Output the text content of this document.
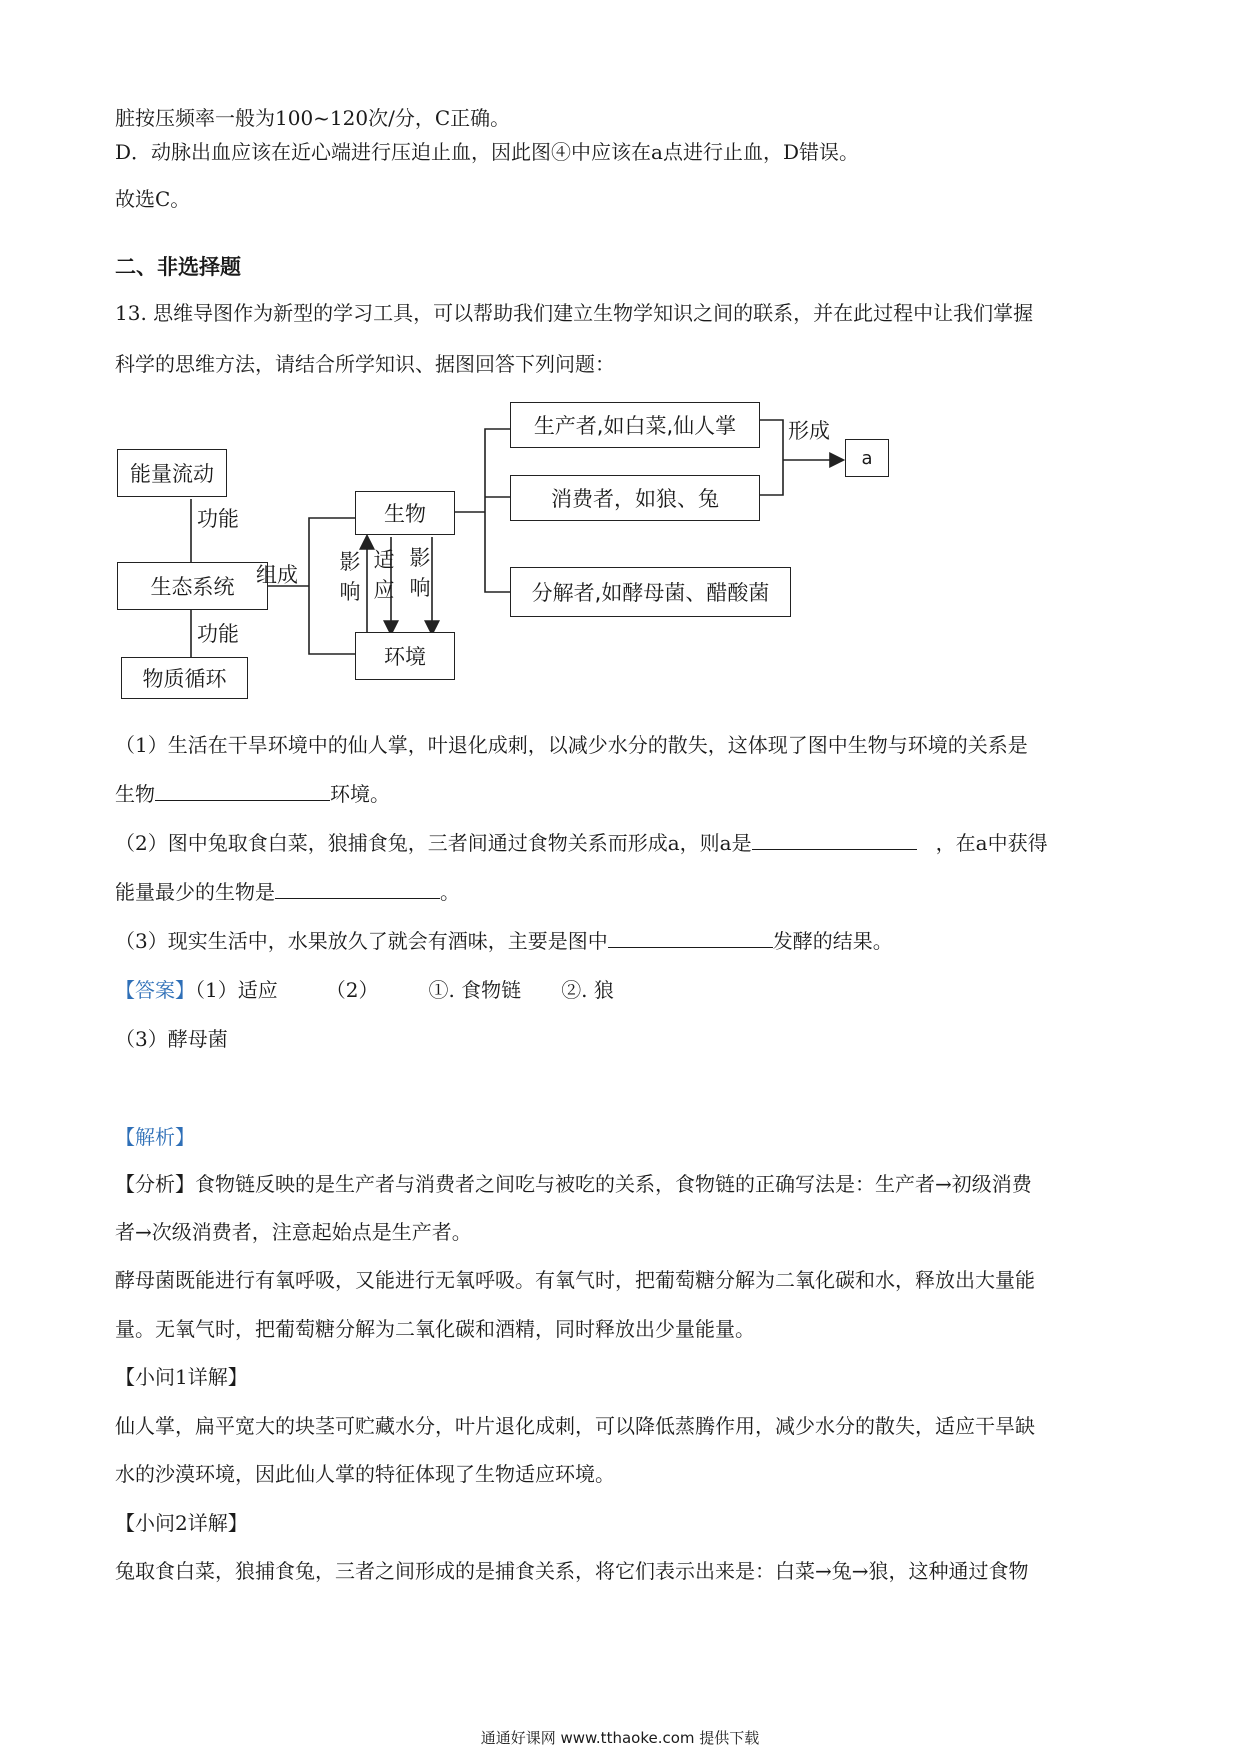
脏按压频率一般为100~120次/分，C正确。
D．动脉出血应该在近心端进行压迫止血，因此图④中应该在a点进行止血，D错误。
故选C。
二、非选择题
13. 思维导图作为新型的学习工具，可以帮助我们建立生物学知识之间的联系，并在此过程中让我们掌握
科学的思维方法，请结合所学知识、据图回答下列问题：
能量流动
功能
生态系统
功能
物质循环
组成
生物
环境
影响
适应
影响
生产者,如白菜,仙人掌
消费者，如狼、兔
分解者,如酵母菌、醋酸菌
形成
a
（1）生活在干旱环境中的仙人掌，叶退化成刺，以减少水分的散失，这体现了图中生物与环境的关系是
生物	环境。
（2）图中兔取食白菜，狼捕食兔，三者间通过食物关系而形成a，则a是	，在a中获得
能量最少的生物是	。
（3）现实生活中，水果放久了就会有酒味，主要是图中	发酵的结果。
【答案】（1）适应 （2）	①. 食物链 ②. 狼
（3）酵母菌
【解析】
【分析】食物链反映的是生产者与消费者之间吃与被吃的关系，食物链的正确写法是：生产者→初级消费
者→次级消费者，注意起始点是生产者。
酵母菌既能进行有氧呼吸，又能进行无氧呼吸。有氧气时，把葡萄糖分解为二氧化碳和水，释放出大量能
量。无氧气时，把葡萄糖分解为二氧化碳和酒精，同时释放出少量能量。
【小问1详解】
仙人掌，扁平宽大的块茎可贮藏水分，叶片退化成刺，可以降低蒸腾作用，减少水分的散失，适应干旱缺
水的沙漠环境，因此仙人掌的特征体现了生物适应环境。
【小问2详解】
兔取食白菜，狼捕食兔，三者之间形成的是捕食关系，将它们表示出来是：白菜→兔→狼，这种通过食物
通通好课网 www.tthaoke.com 提供下载
